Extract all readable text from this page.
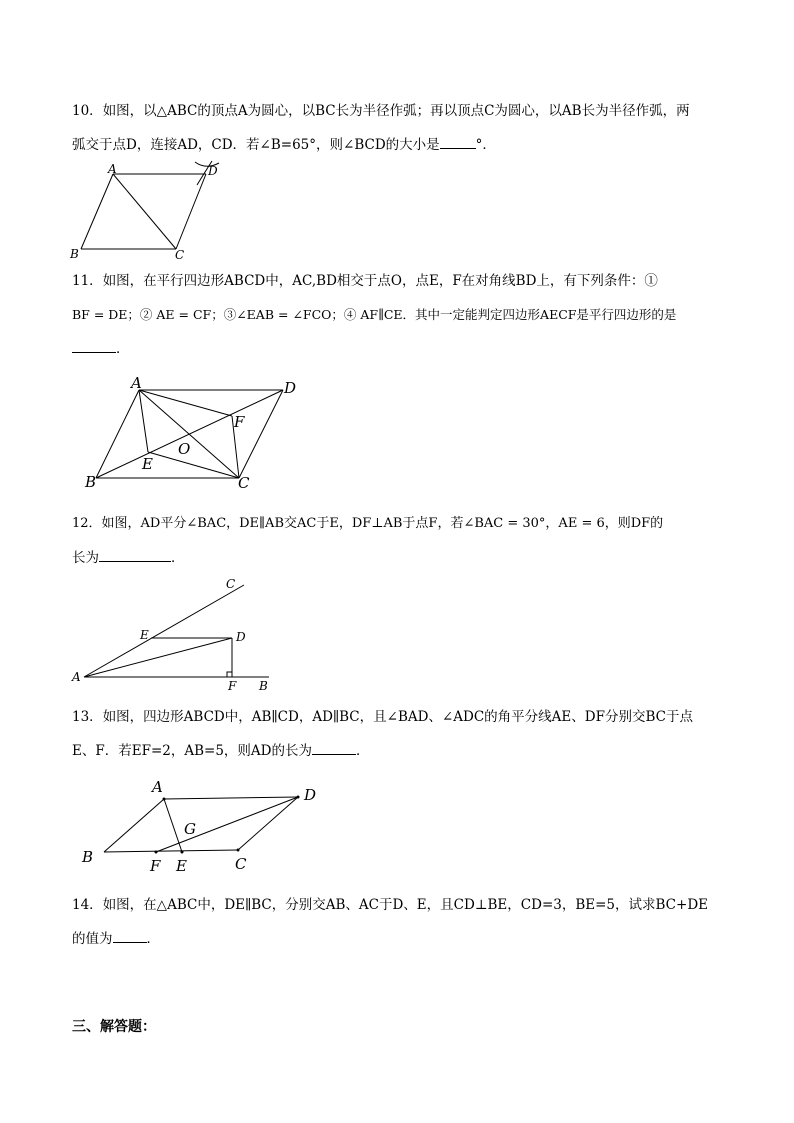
10．如图，以△ABC的顶点A为圆心，以BC长为半径作弧；再以顶点C为圆心，以AB长为半径作弧，两
弧交于点D，连接AD，CD．若∠B=65°，则∠BCD的大小是	°．
A	D
B	C
11．如图，在平行四边形ABCD中，AC,BD相交于点O，点E，F在对角线BD上，有下列条件：①
BF = DE；② AE = CF；③∠EAB = ∠FCO；④ AF∥CE．其中一定能判定四边形AECF是平行四边形的是
．
A	D
B	C
E
F
O
12．如图，AD平分∠BAC，DE∥AB交AC于E，DF⊥AB于点F，若∠BAC = 30°，AE = 6，则DF的
长为	．
C
E	D
A
F B
13．如图，四边形ABCD中，AB∥CD，AD∥BC，且∠BAD、∠ADC的角平分线AE、DF分别交BC于点
E、F．若EF=2，AB=5，则AD的长为	．
A	D
B	C
G
F E
14．如图，在△ABC中，DE∥BC，分别交AB、AC于D、E，且CD⊥BE，CD=3，BE=5，试求BC+DE
的值为	．
三、解答题：
